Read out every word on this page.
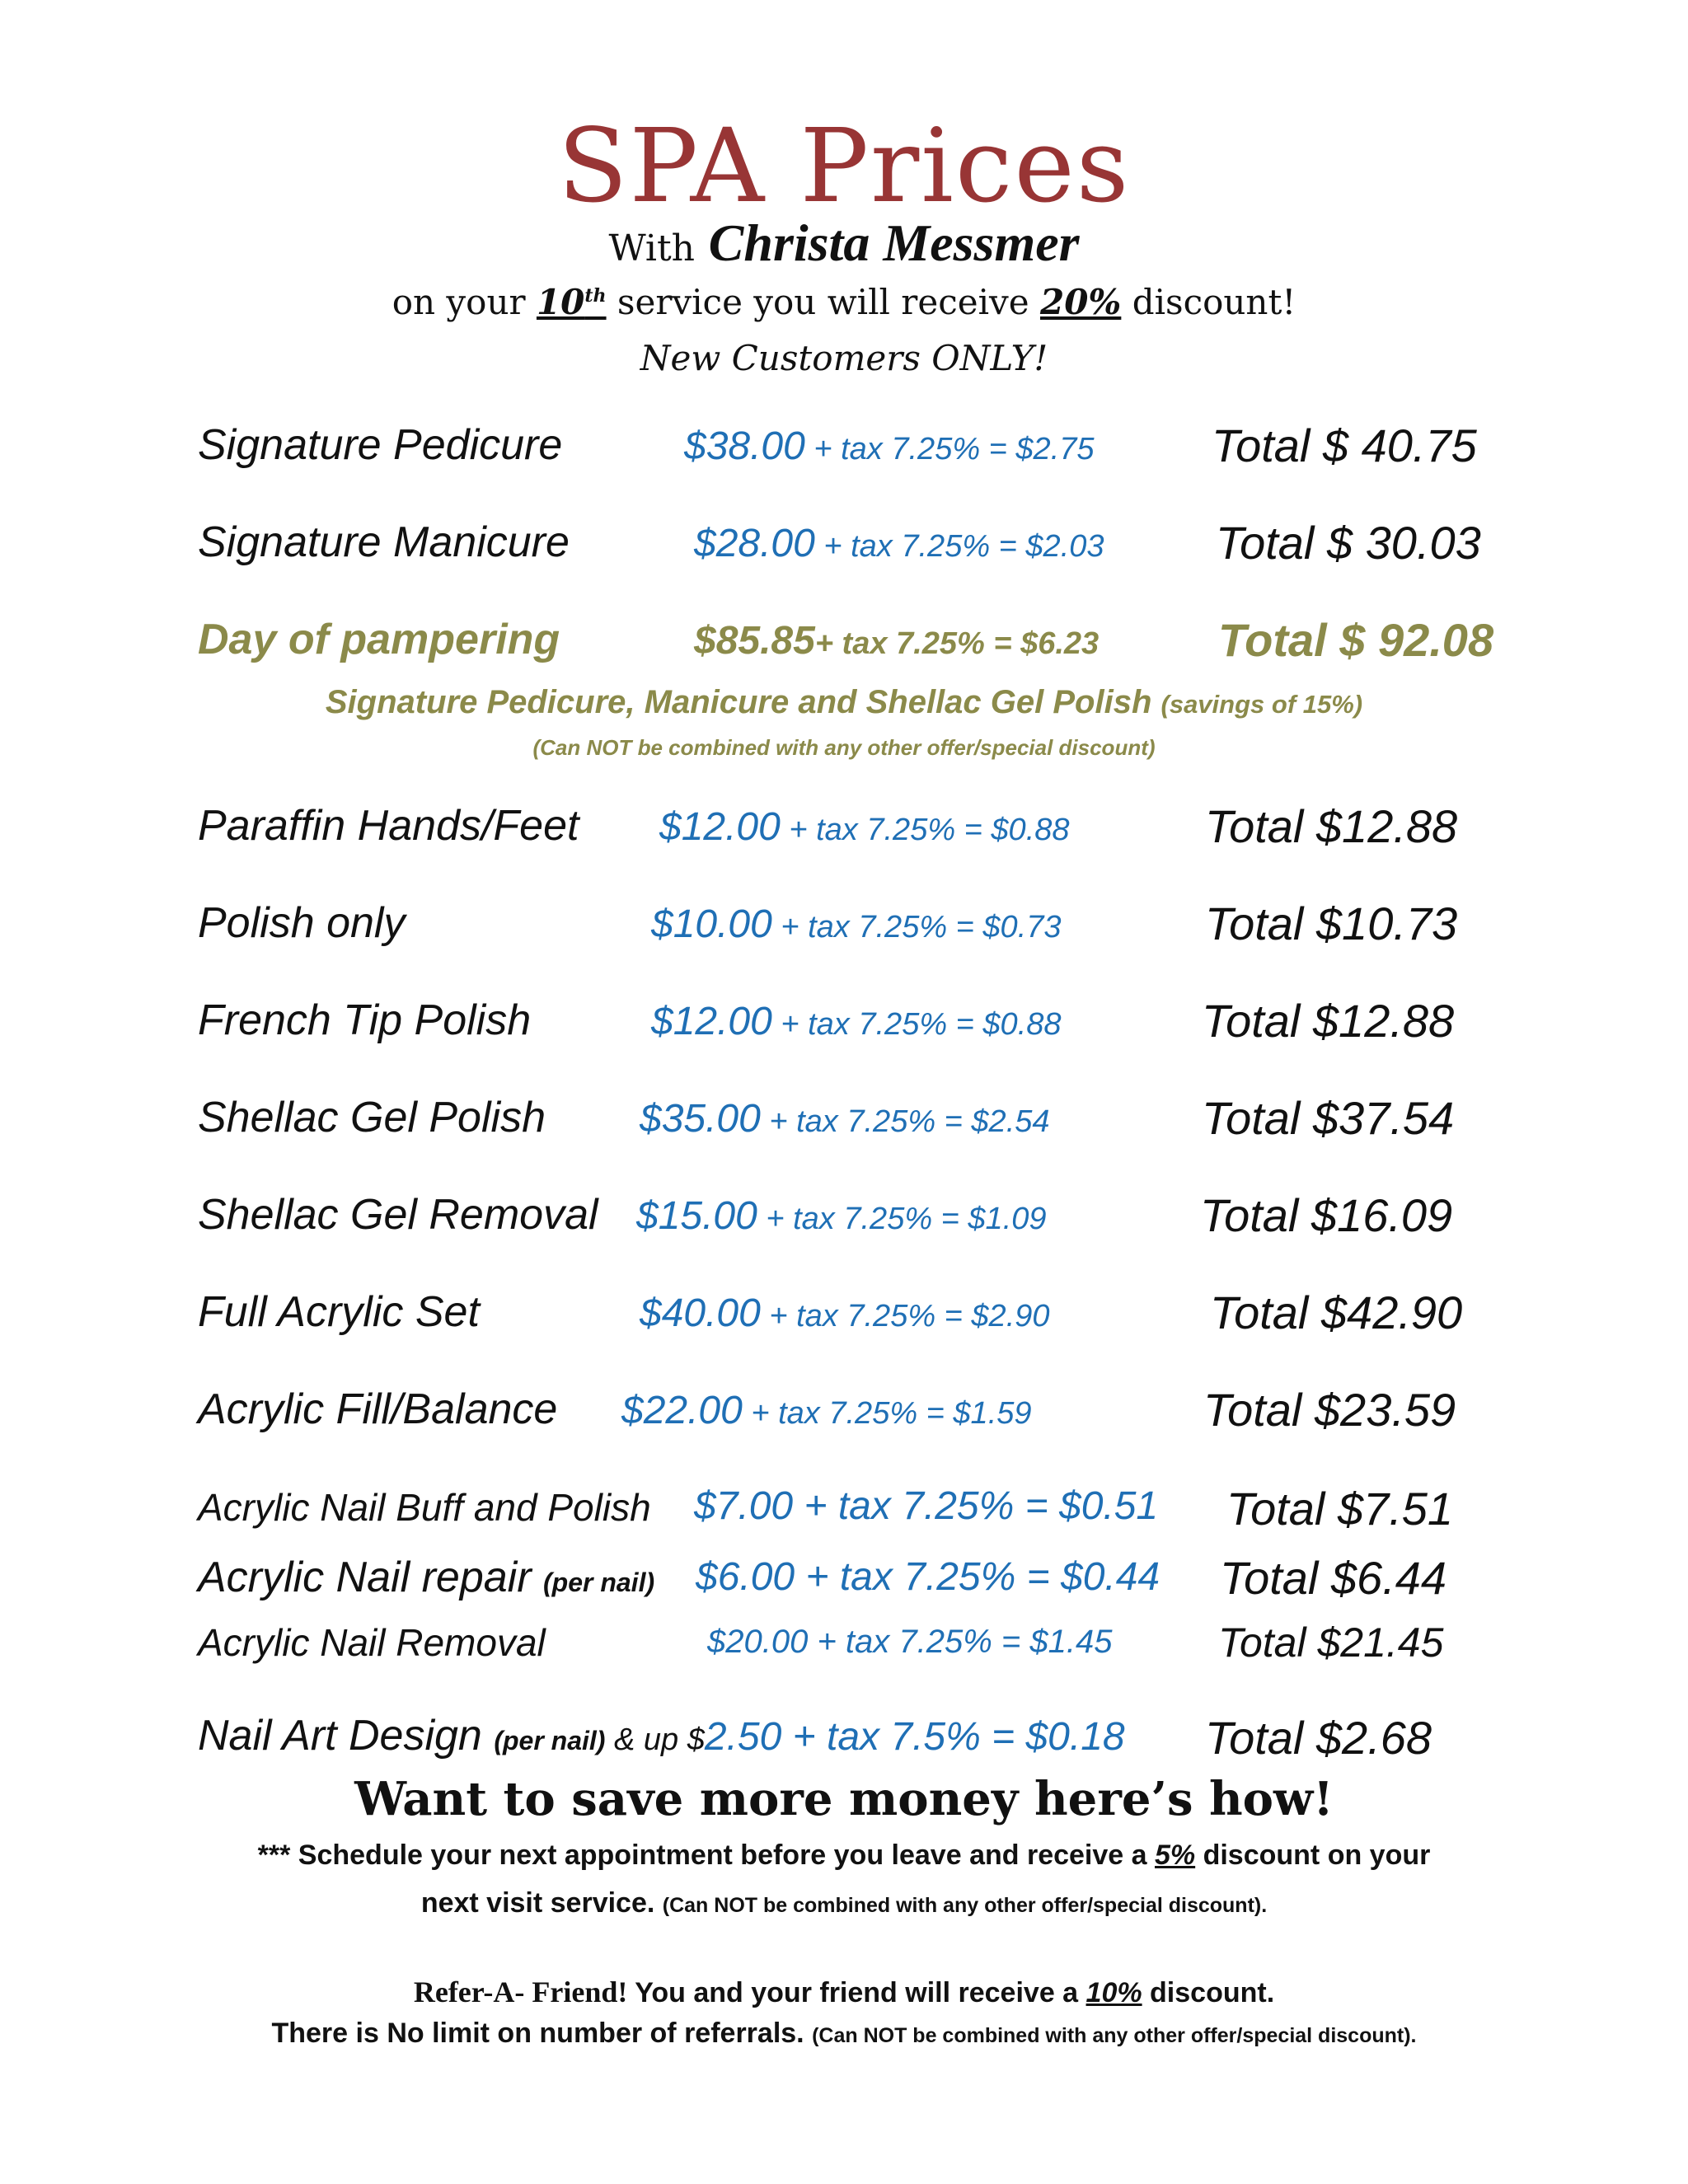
SPA Prices
With Christa Messmer
on your 10th service you will receive 20% discount!
New Customers ONLY!
Signature Pedicure	$38.00 + tax 7.25% = $2.75	Total $ 40.75
Signature Manicure	$28.00 + tax 7.25% = $2.03 Total $ 30.03
Day of pampering	$85.85+ tax 7.25% = $6.23	Total $ 92.08
Signature Pedicure, Manicure and Shellac Gel Polish (savings of 15%)
(Can NOT be combined with any other offer/special discount)
Paraffin Hands/Feet $12.00 + tax 7.25% = $0.88	Total $12.88
Polish only	$10.00 + tax 7.25% = $0.73	Total $10.73
French Tip Polish	$12.00 + tax 7.25% = $0.88	Total $12.88
Shellac Gel Polish $35.00 + tax 7.25% = $2.54	Total $37.54
Shellac Gel Removal $15.00 + tax 7.25% = $1.09	Total $16.09
Full Acrylic Set	$40.00 + tax 7.25% = $2.90	Total $42.90
Acrylic Fill/Balance $22.00 + tax 7.25% = $1.59	Total $23.59
Acrylic Nail Buff and Polish $7.00 + tax 7.25% = $0.51 Total $7.51
Acrylic Nail repair (per nail) $6.00 + tax 7.25% = $0.44 Total $6.44
Acrylic Nail Removal	$20.00 + tax 7.25% = $1.45	Total $21.45
Nail Art Design (per nail) & up $2.50 + tax 7.5% = $0.18 Total $2.68
Want to save more money here’s how!
*** Schedule your next appointment before you leave and receive a 5% discount on your
next visit service. (Can NOT be combined with any other offer/special discount).
Refer-A- Friend! You and your friend will receive a 10% discount.
There is No limit on number of referrals. (Can NOT be combined with any other offer/special discount).
